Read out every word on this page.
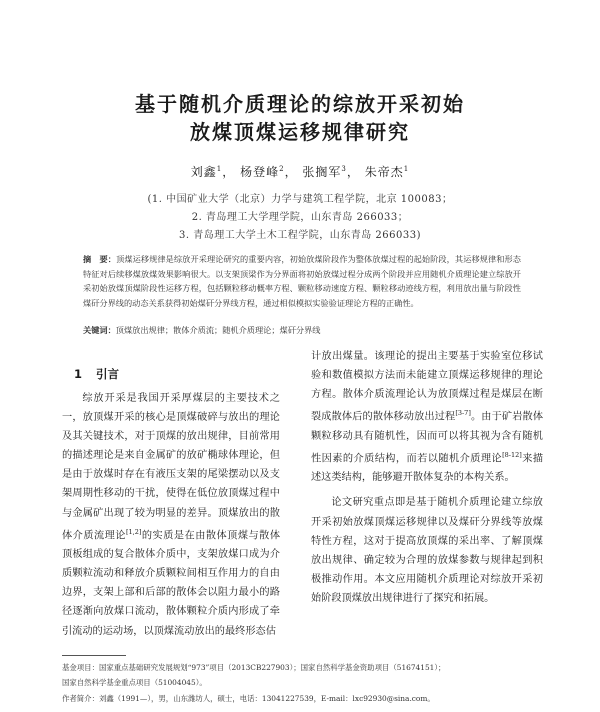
基于随机介质理论的综放开采初始
放煤顶煤运移规律研究
刘鑫$^1$， 杨登峰$^2$， 张搁军$^3$， 朱帝杰$^1$
(1. 中国矿业大学（北京）力学与建筑工程学院，北京 100083；
2. 青岛理工大学理学院，山东青岛 266033；
3. 青岛理工大学土木工程学院，山东青岛 266033)
摘　要：顶煤运移规律是综放开采理论研究的重要内容，初始放煤阶段作为整体放煤过程的起始阶段，其运移规律和形态特征对后续移煤放煤效果影响很大。以支架顶梁作为分界面将初始放煤过程分成两个阶段并应用随机介质理论建立综放开采初始放煤顶煤阶段性运移方程，包括颗粒移动概率方程、颗粒移动速度方程、颗粒移动迹线方程，利用放出量与阶段性煤矸分界线的动态关系获得初始煤矸分界线方程，通过相似模拟实验验证理论方程的正确性。
关键词：顶煤放出规律；散体介质流；随机介质理论；煤矸分界线
1 引言

综放开采是我国开采厚煤层的主要技术之一，放顶煤开采的核心是顶煤破碎与放出的理论及其关键技术，对于顶煤的放出规律，目前常用的描述理论是来自金属矿的放矿椭球体理论，但是由于放煤时存在有液压支架的尾梁摆动以及支架周期性移动的干扰，使得在低位放顶煤过程中与金属矿出现了较为明显的差异。顶煤放出的散体介质流理论[1,2]的实质是在由散体顶煤与散体顶板组成的复合散体介质中，支架放煤口成为介质颗粒流动和释放介质颗粒间相互作用力的自由边界，支架上部和后部的散体会以阻力最小的路径逐渐向放煤口流动，散体颗粒介质内形成了牵引流动的运动场，以顶煤流动放出的最终形态估

计放出煤量。该理论的提出主要基于实验室位移试验和数值模拟方法而未能建立顶煤运移规律的理论方程。散体介质流理论认为放顶煤过程是煤层在断裂成散体后的散体移动放出过程[3-7]。由于矿岩散体颗粒移动具有随机性，因而可以将其视为含有随机性因素的介质结构，而若以随机介质理论[8-12]来描述这类结构，能够避开散体复杂的本构关系。

论文研究重点即是基于随机介质理论建立综放开采初始放煤顶煤运移规律以及煤矸分界线等放煤特性方程，这对于提高放顶煤的采出率、了解顶煤放出规律、确定较为合理的放煤参数与规律起到积极推动作用。本文应用随机介质理论对综放开采初始阶段顶煤放出规律进行了探究和拓展。

基金项目：国家重点基础研究发展规划“973”项目（2013CB227903）；国家自然科学基金资助项目（51674151）；
国家自然科学基金重点项目（51004045）。
作者简介：刘鑫（1991—），男，山东潍坊人，硕士，电话：13041227539，E-mail：lxc92930@sina.com。
